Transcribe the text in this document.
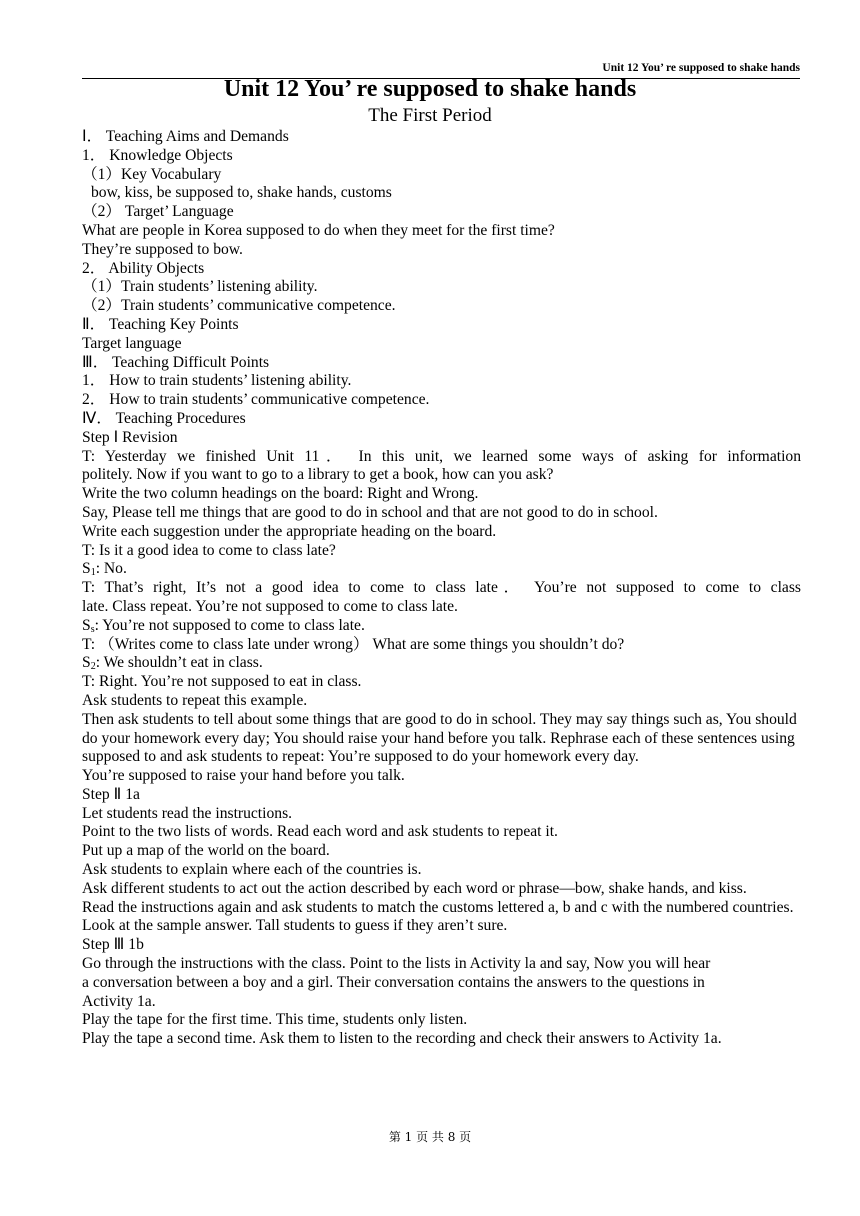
Unit 12 You’ re supposed to shake hands
Unit 12 You’ re supposed to shake hands
The First Period
Ⅰ． Teaching Aims and Demands
1． Knowledge Objects
（1）Key Vocabulary
bow, kiss, be supposed to, shake hands, customs
（2） Target’ Language
What are people in Korea supposed to do when they meet for the first time?
They’re supposed to bow.
2． Ability Objects
（1）Train students’ listening ability.
（2）Train students’ communicative competence.
Ⅱ． Teaching Key Points
Target language
Ⅲ． Teaching Difficult Points
1． How to train students’ listening ability.
2． How to train students’ communicative competence.
Ⅳ． Teaching Procedures
Step Ⅰ Revision
T: Yesterday we finished Unit 11． In this unit, we learned some ways of asking for information
politely. Now if you want to go to a library to get a book, how can you ask?
Write the two column headings on the board: Right and Wrong.
Say, Please tell me things that are good to do in school and that are not good to do in school.
Write each suggestion under the appropriate heading on the board.
T: Is it a good idea to come to class late?
$S_1$: No.
T: That’s right, It’s not a good idea to come to class late． You’re not supposed to come to class
late. Class repeat. You’re not supposed to come to class late.
$S_s$: You’re not supposed to come to class late.
T: （Writes come to class late under wrong） What are some things you shouldn’t do?
$S_2$: We shouldn’t eat in class.
T: Right. You’re not supposed to eat in class.
Ask students to repeat this example.
Then ask students to tell about some things that are good to do in school. They may say things such as, You should do your homework every day; You should raise your hand before you talk. Rephrase each of these sentences using supposed to and ask students to repeat: You’re supposed to do your homework every day.
You’re supposed to raise your hand before you talk.
Step Ⅱ 1a
Let students read the instructions.
Point to the two lists of words. Read each word and ask students to repeat it.
Put up a map of the world on the board.
Ask students to explain where each of the countries is.
Ask different students to act out the action described by each word or phrase—bow, shake hands, and kiss.
Read the instructions again and ask students to match the customs lettered a, b and c with the numbered countries.
Look at the sample answer. Tall students to guess if they aren’t sure.
Step Ⅲ 1b
Go through the instructions with the class. Point to the lists in Activity la and say, Now you will hear
a conversation between a boy and a girl. Their conversation contains the answers to the questions in
Activity 1a.
Play the tape for the first time. This time, students only listen.
Play the tape a second time. Ask them to listen to the recording and check their answers to Activity 1a.
第 1 页 共 8 页
